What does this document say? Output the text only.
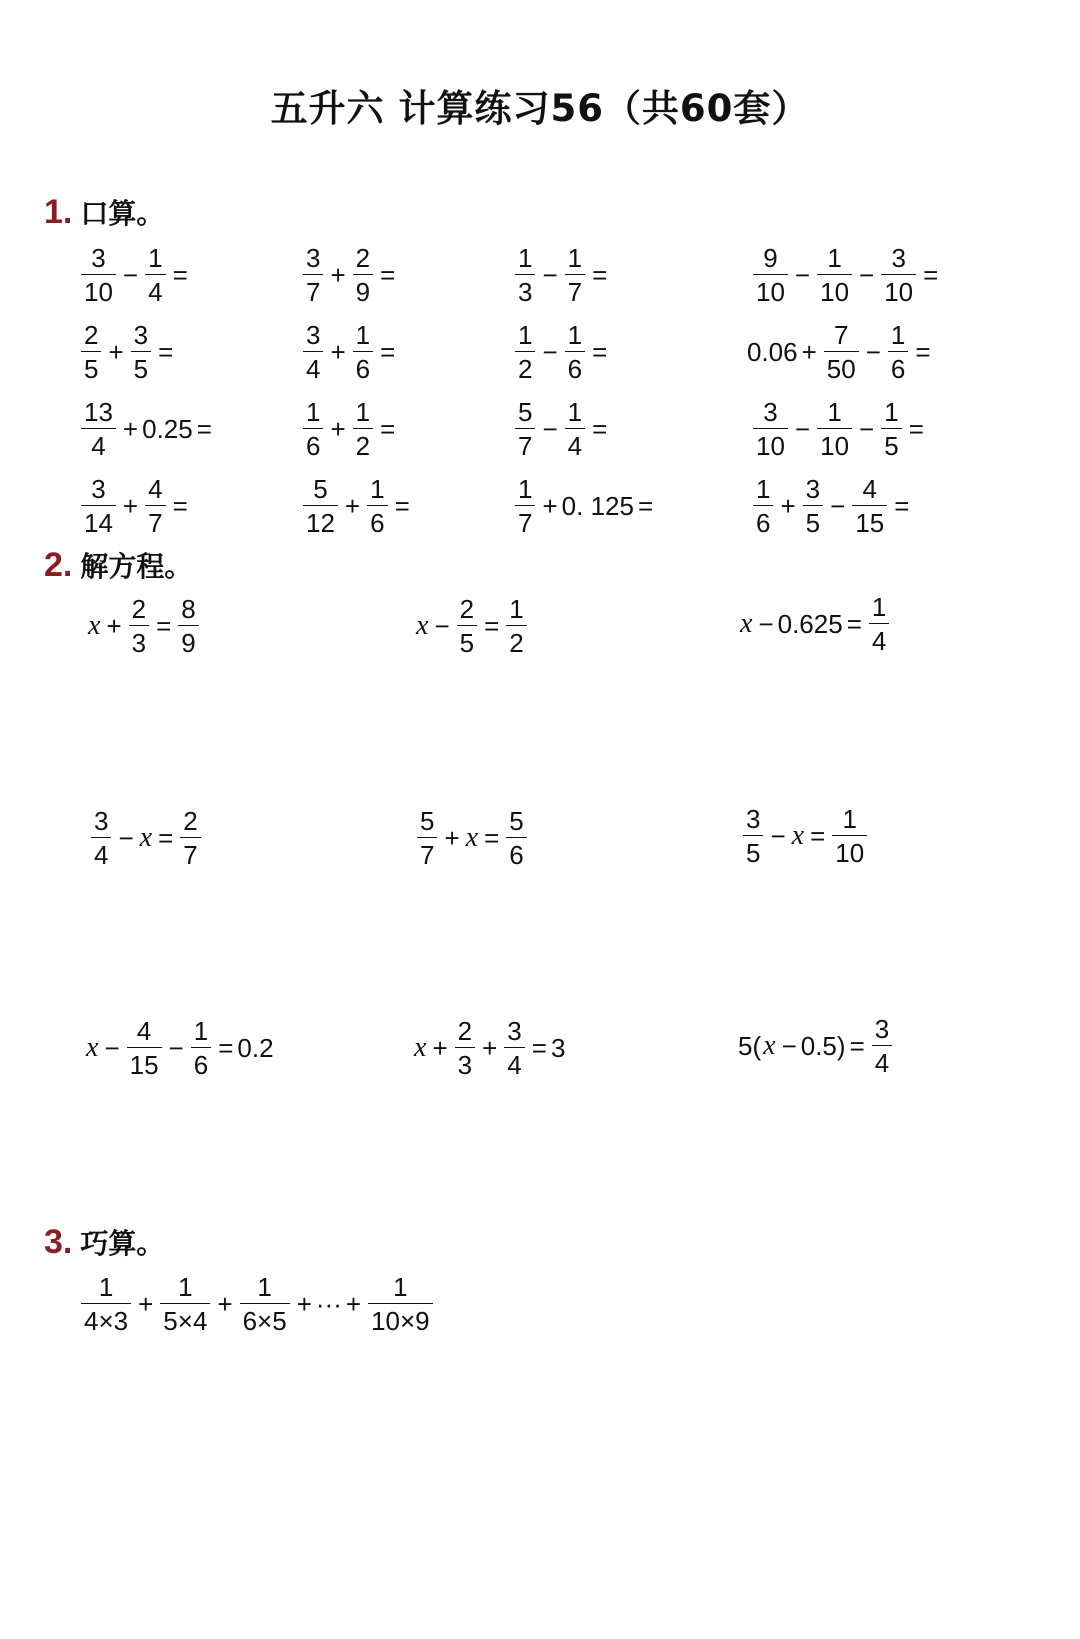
五升六 计算练习56（共60套）
1. 口算。
2. 解方程。
3. 巧算。
$\frac{3}{10} - \frac{1}{4}$ =	$\frac{3}{7} + \frac{2}{9}$ =	$\frac{1}{3} - \frac{1}{7}$ =	$\frac{9}{10} - \frac{1}{10} - \frac{3}{10}$ =
$\frac{2}{5} + \frac{3}{5}$ =	$\frac{3}{4} + \frac{1}{6}$ =	$\frac{1}{2} - \frac{1}{6}$ =	$0.06 + \frac{7}{50} - \frac{1}{6}$ =
$\frac{13}{4} + 0.25$ =	$\frac{1}{6} + \frac{1}{2}$ =	$\frac{5}{7} - \frac{1}{4}$ =	$\frac{3}{10} - \frac{1}{10} - \frac{1}{5}$ =
$\frac{3}{14} + \frac{4}{7}$ =	$\frac{5}{12} + \frac{1}{6}$ =	$\frac{1}{7} + 0$. 125 =	$\frac{1}{6} + \frac{3}{5} - \frac{4}{15}$ =
$x + \frac{2}{3} = \frac{8}{9}$	$x - \frac{2}{5} = \frac{1}{2}$	$x - 0.625 = \frac{1}{4}$
$\frac{3}{4} - x = \frac{2}{7}$	$\frac{5}{7} + x = \frac{5}{6}$	$\frac{3}{5} - x = \frac{1}{10}$
$x - \frac{4}{15} - \frac{1}{6} = 0.2$	$x + \frac{2}{3} + \frac{3}{4} = 3$	5( $x - 0.5) = \frac{3}{4}$
$\frac{1}{4\times 3} + \frac{1}{5\times 4} + \frac{1}{6\times 5}$ + ··· + $\frac{1}{10\times 9}$
